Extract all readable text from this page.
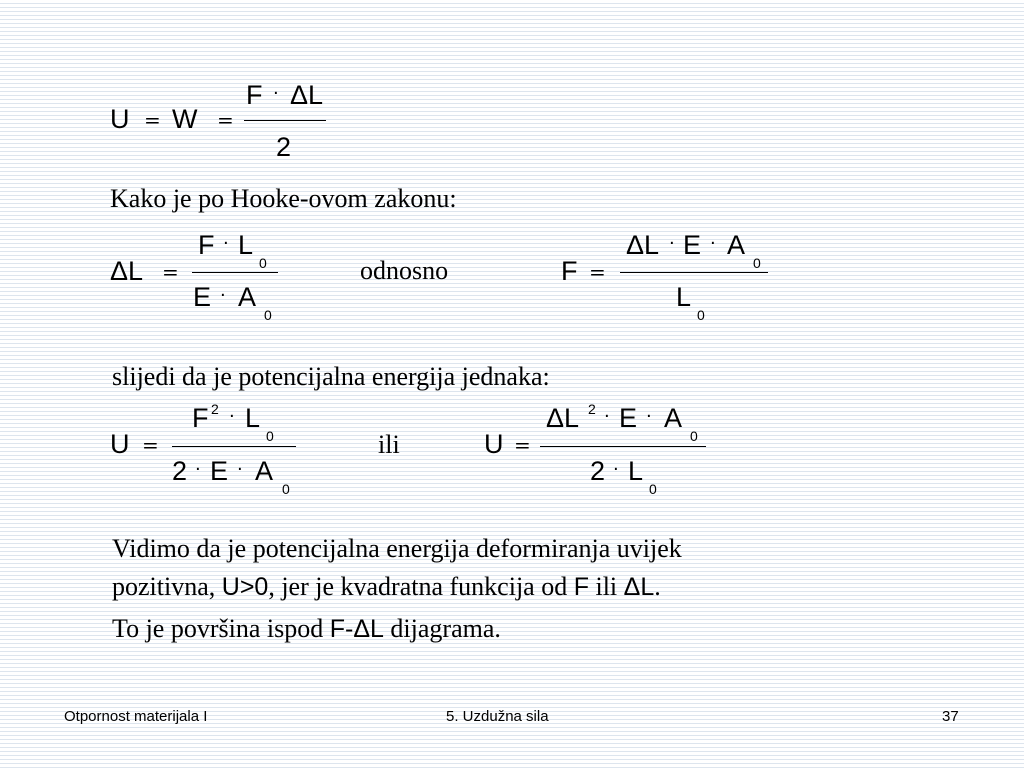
U = W =
F · ΔL
2
Kako je po Hooke-ovom zakonu:
ΔL =
F · L
0
E · A
0
odnosno	F =
ΔL · E · A
0
L
0
slijedi da je potencijalna energija jednaka:
U =
F 2 · L
0
2 · E · A
0
ili	U =
ΔL 2 · E · A
0
2 · L
0
Vidimo da je potencijalna energija deformiranja uvijek
pozitivna, U>0, jer je kvadratna funkcija od F ili ΔL.
To je površina ispod F-ΔL dijagrama.
Otpornost materijala I	5. Uzdužna sila	37
